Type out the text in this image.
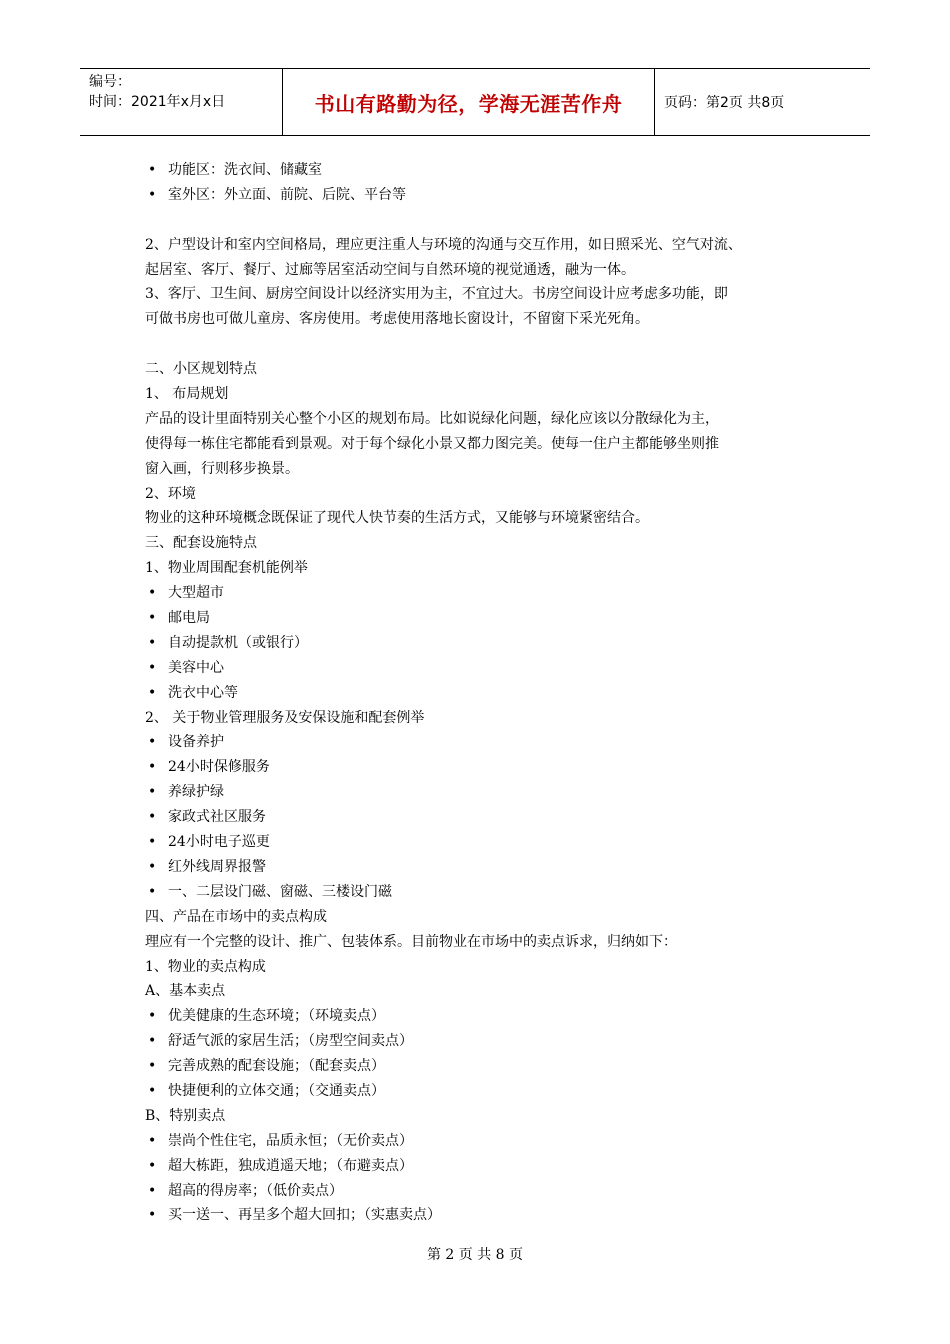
编号：
时间：2021年x月x日	书山有路勤为径，学海无涯苦作舟	页码：第2页 共8页
• 功能区：洗衣间、储藏室
• 室外区：外立面、前院、后院、平台等
2、户型设计和室内空间格局，理应更注重人与环境的沟通与交互作用，如日照采光、空气对流、
起居室、客厅、餐厅、过廊等居室活动空间与自然环境的视觉通透，融为一体。
3、客厅、卫生间、厨房空间设计以经济实用为主，不宜过大。书房空间设计应考虑多功能，即
可做书房也可做儿童房、客房使用。考虑使用落地长窗设计，不留窗下采光死角。
二、小区规划特点
1、 布局规划
产品的设计里面特别关心整个小区的规划布局。比如说绿化问题，绿化应该以分散绿化为主，
使得每一栋住宅都能看到景观。对于每个绿化小景又都力图完美。使每一住户主都能够坐则推
窗入画，行则移步换景。
2、环境
物业的这种环境概念既保证了现代人快节奏的生活方式，又能够与环境紧密结合。
三、配套设施特点
1、物业周围配套机能例举
• 大型超市
• 邮电局
• 自动提款机（或银行）
• 美容中心
• 洗衣中心等
2、 关于物业管理服务及安保设施和配套例举
• 设备养护
• 24小时保修服务
• 养绿护绿
• 家政式社区服务
• 24小时电子巡更
• 红外线周界报警
• 一、二层设门磁、窗磁、三楼设门磁
四、产品在市场中的卖点构成
理应有一个完整的设计、推广、包装体系。目前物业在市场中的卖点诉求，归纳如下：
1、物业的卖点构成
A、基本卖点
• 优美健康的生态环境；（环境卖点）
• 舒适气派的家居生活；（房型空间卖点）
• 完善成熟的配套设施；（配套卖点）
• 快捷便利的立体交通；（交通卖点）
B、特别卖点
• 崇尚个性住宅，品质永恒；（无价卖点）
• 超大栋距，独成逍遥天地；（布避卖点）
• 超高的得房率；（低价卖点）
• 买一送一、再呈多个超大回扣；（实惠卖点）
第 2 页 共 8 页
